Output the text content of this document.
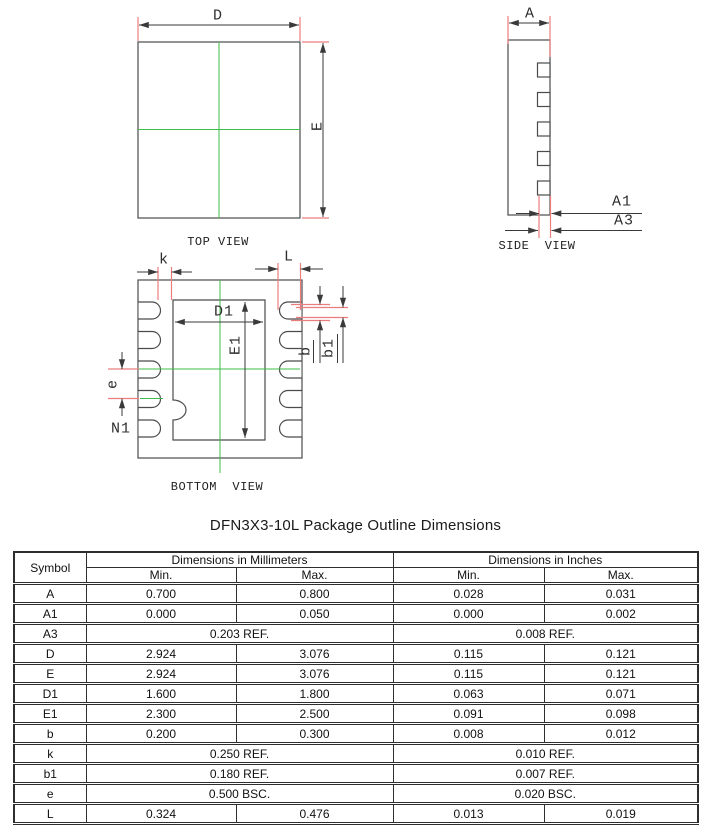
D
E
TOP VIEW
A
A1
A3
SIDE  VIEW
k	L
D1
E1	b b1
e
N1
BOTTOM  VIEW
DFN3X3-10L Package Outline Dimensions
Symbol	Dimensions in Millimeters		Dimensions in Inches	
	Min.	Max.	Min.	Max.
A	0.700	0.800	0.028	0.031
A1	0.000	0.050	0.000	0.002
A3	0.203 REF.		0.008 REF.	
D	2.924	3.076	0.115	0.121
E	2.924	3.076	0.115	0.121
D1	1.600	1.800	0.063	0.071
E1	2.300	2.500	0.091	0.098
b	0.200	0.300	0.008	0.012
k	0.250 REF.		0.010 REF.	
b1	0.180 REF.		0.007 REF.	
e	0.500 BSC.		0.020 BSC.	
L	0.324	0.476	0.013	0.019
